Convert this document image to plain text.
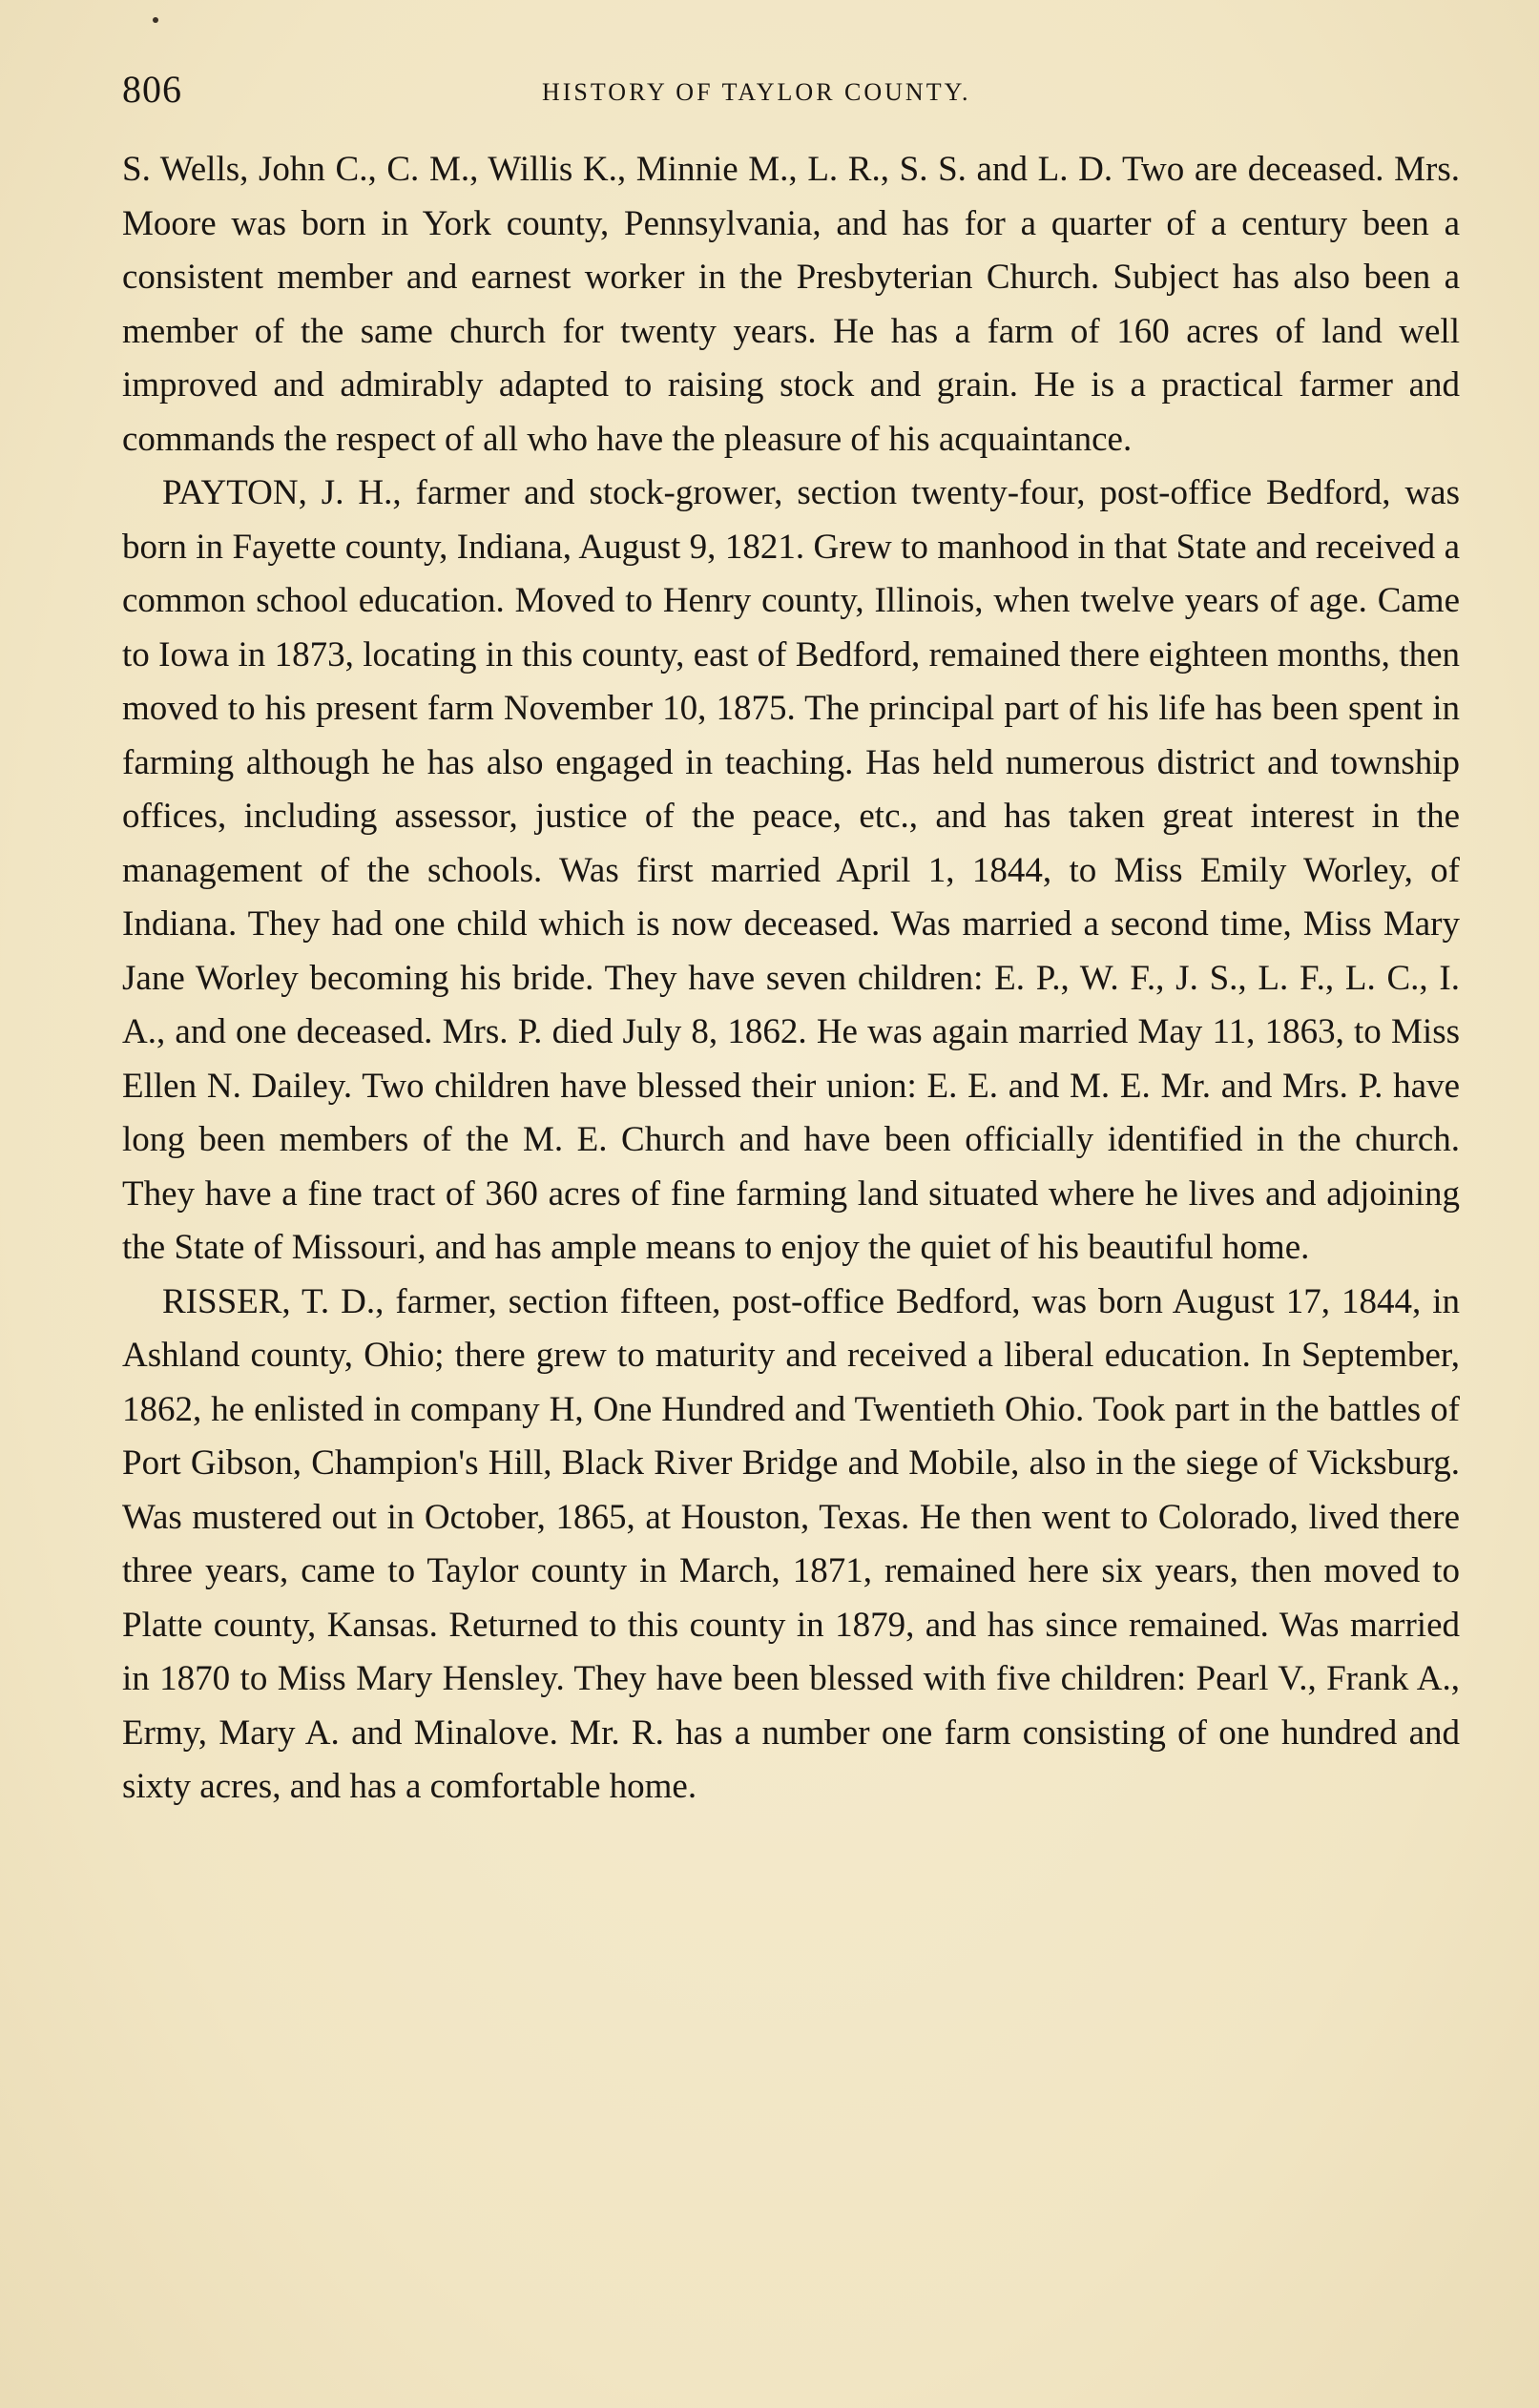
806	HISTORY OF TAYLOR COUNTY.

S. Wells, John C., C. M., Willis K., Minnie M., L. R., S. S. and L. D. Two are deceased. Mrs. Moore was born in York county, Pennsylvania, and has for a quarter of a century been a consistent member and earnest worker in the Presbyterian Church. Subject has also been a member of the same church for twenty years. He has a farm of 160 acres of land well improved and admirably adapted to raising stock and grain. He is a practical farmer and commands the respect of all who have the pleasure of his acquaintance.

PAYTON, J. H., farmer and stock-grower, section twenty-four, post-office Bedford, was born in Fayette county, Indiana, August 9, 1821. Grew to manhood in that State and received a common school education. Moved to Henry county, Illinois, when twelve years of age. Came to Iowa in 1873, locating in this county, east of Bedford, remained there eighteen months, then moved to his present farm November 10, 1875. The principal part of his life has been spent in farming although he has also engaged in teaching. Has held numerous district and township offices, including assessor, justice of the peace, etc., and has taken great interest in the management of the schools. Was first married April 1, 1844, to Miss Emily Worley, of Indiana. They had one child which is now deceased. Was married a second time, Miss Mary Jane Worley becoming his bride. They have seven children: E. P., W. F., J. S., L. F., L. C., I. A., and one deceased. Mrs. P. died July 8, 1862. He was again married May 11, 1863, to Miss Ellen N. Dailey. Two children have blessed their union: E. E. and M. E. Mr. and Mrs. P. have long been members of the M. E. Church and have been officially identified in the church. They have a fine tract of 360 acres of fine farming land situated where he lives and adjoining the State of Missouri, and has ample means to enjoy the quiet of his beautiful home.

RISSER, T. D., farmer, section fifteen, post-office Bedford, was born August 17, 1844, in Ashland county, Ohio; there grew to maturity and received a liberal education. In September, 1862, he enlisted in company H, One Hundred and Twentieth Ohio. Took part in the battles of Port Gibson, Champion's Hill, Black River Bridge and Mobile, also in the siege of Vicksburg. Was mustered out in October, 1865, at Houston, Texas. He then went to Colorado, lived there three years, came to Taylor county in March, 1871, remained here six years, then moved to Platte county, Kansas. Returned to this county in 1879, and has since remained. Was married in 1870 to Miss Mary Hensley. They have been blessed with five children: Pearl V., Frank A., Ermy, Mary A. and Minalove. Mr. R. has a number one farm consisting of one hundred and sixty acres, and has a comfortable home.
